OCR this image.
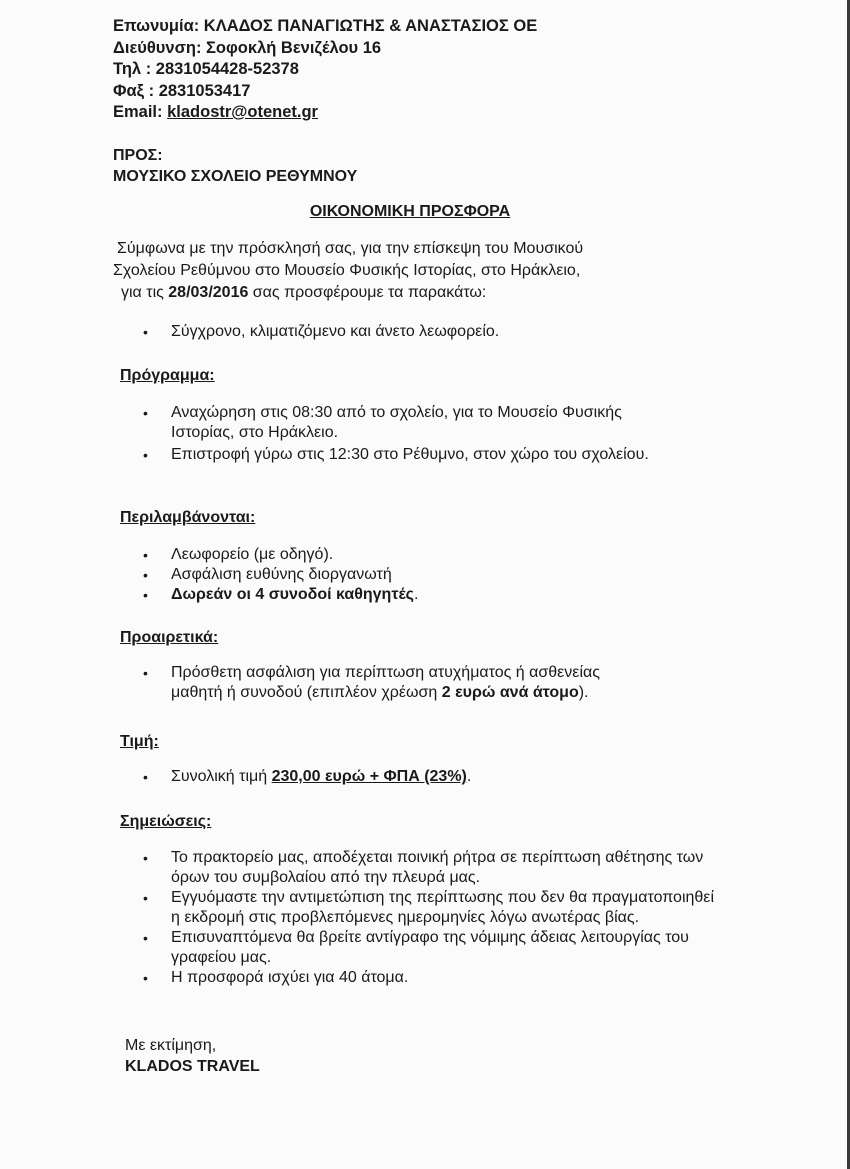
Επωνυμία: ΚΛΑΔΟΣ ΠΑΝΑΓΙΩΤΗΣ & ΑΝΑΣΤΑΣΙΟΣ ΟΕ
Διεύθυνση: Σοφοκλή Βενιζέλου 16
Τηλ : 2831054428-52378
Φαξ : 2831053417
Email: kladostr@otenet.gr
ΠΡΟΣ:
ΜΟΥΣΙΚΟ ΣΧΟΛΕΙΟ ΡΕΘΥΜΝΟΥ
ΟΙΚΟΝΟΜΙΚΗ ΠΡΟΣΦΟΡΑ
Σύμφωνα με την πρόσκλησή σας, για την επίσκεψη του Μουσικού
Σχολείου Ρεθύμνου στο Μουσείο Φυσικής Ιστορίας, στο Ηράκλειο,
για τις 28/03/2016 σας προσφέρουμε τα παρακάτω:
• Σύγχρονο, κλιματιζόμενο και άνετο λεωφορείο.
Πρόγραμμα:
• Αναχώρηση στις 08:30 από το σχολείο, για το Μουσείο Φυσικής Ιστορίας, στο Ηράκλειο.
• Επιστροφή γύρω στις 12:30 στο Ρέθυμνο, στον χώρο του σχολείου.
Περιλαμβάνονται:
• Λεωφορείο (με οδηγό).
• Ασφάλιση ευθύνης διοργανωτή
• Δωρεάν οι 4 συνοδοί καθηγητές.
Προαιρετικά:
• Πρόσθετη ασφάλιση για περίπτωση ατυχήματος ή ασθενείας
μαθητή ή συνοδού (επιπλέον χρέωση 2 ευρώ ανά άτομο).
Τιμή:
• Συνολική τιμή 230,00 ευρώ + ΦΠΑ (23%).
Σημειώσεις:
• Το πρακτορείο μας, αποδέχεται ποινική ρήτρα σε περίπτωση αθέτησης των όρων του συμβολαίου από την πλευρά μας.
• Εγγυόμαστε την αντιμετώπιση της περίπτωσης που δεν θα πραγματοποιηθεί η εκδρομή στις προβλεπόμενες ημερομηνίες λόγω ανωτέρας βίας.
• Επισυναπτόμενα θα βρείτε αντίγραφο της νόμιμης άδειας λειτουργίας του γραφείου μας.
• Η προσφορά ισχύει για 40 άτομα.
Με εκτίμηση,
KLADOS TRAVEL
